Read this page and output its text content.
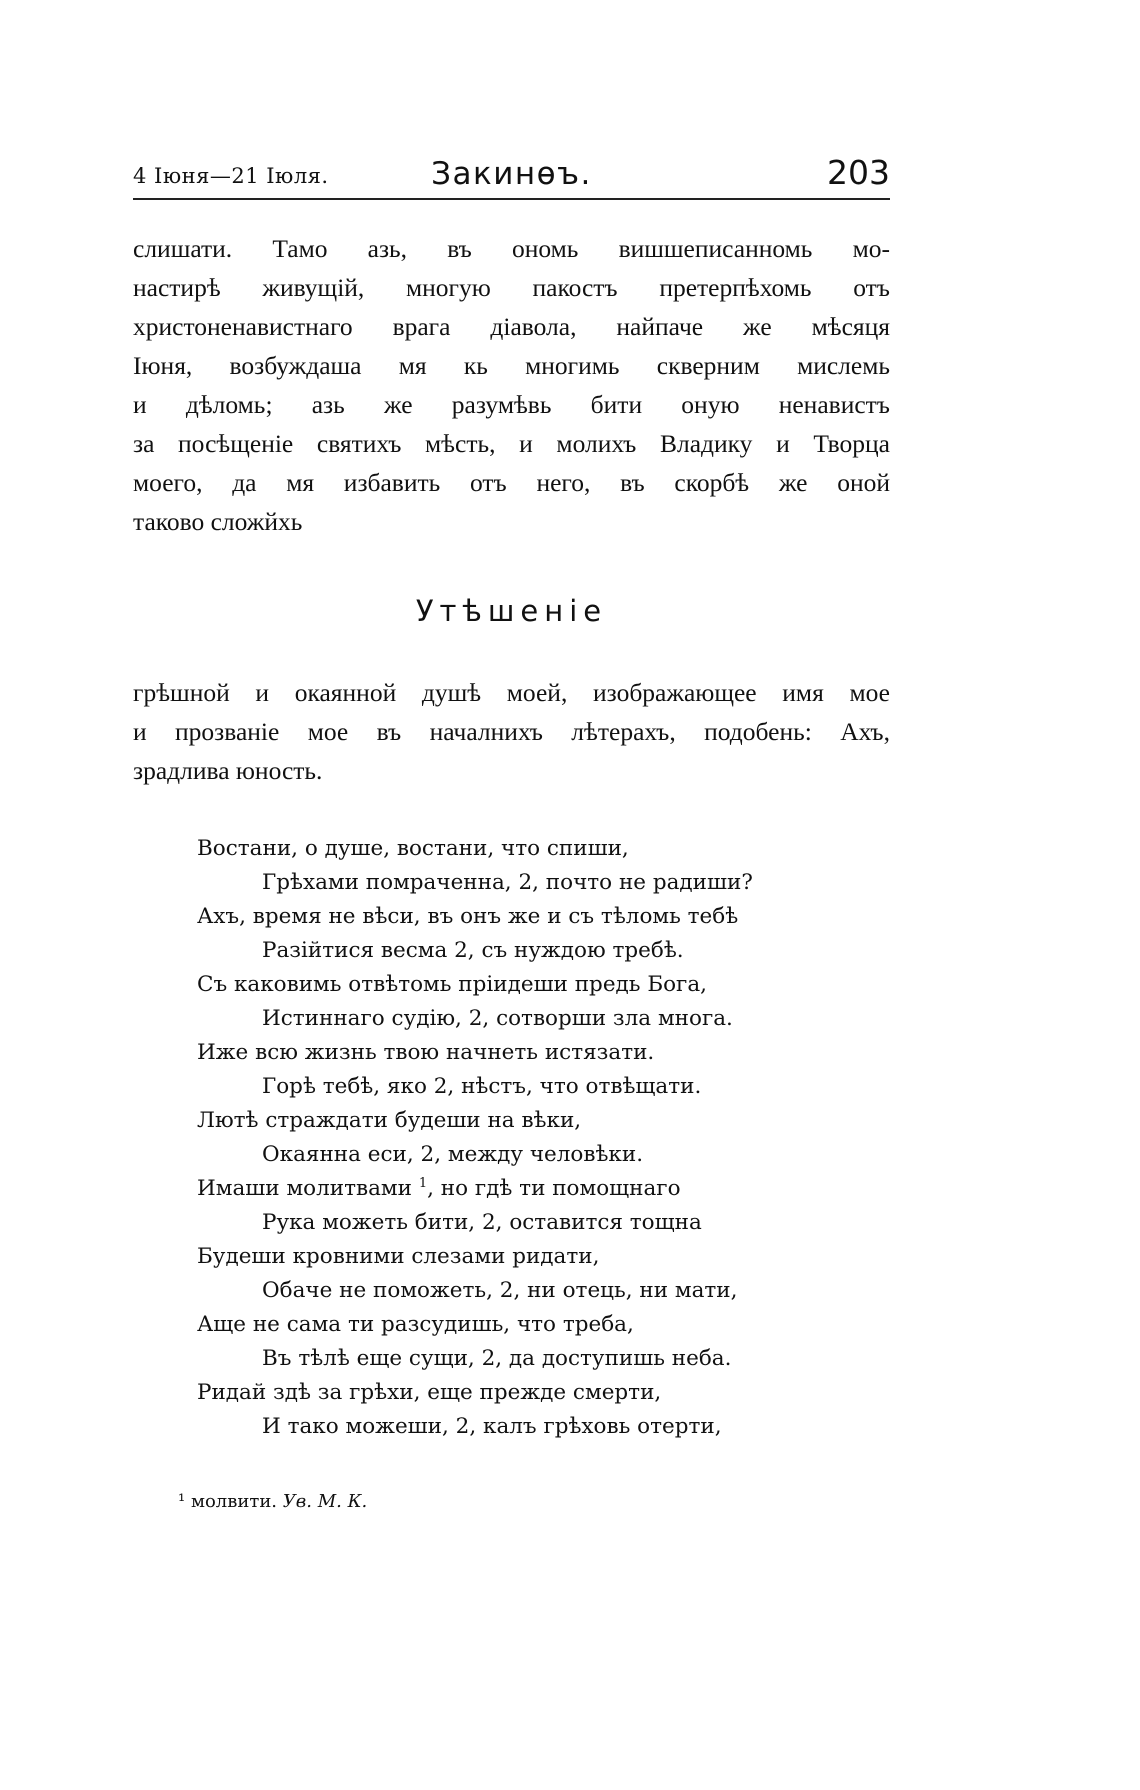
4 Іюня—21 Іюля.	Закинѳъ.	203
слишати. Тамо азь, въ ономь вишшеписанномь мо-
настирѣ живущій, многую пакостъ претерпѣхомь отъ
христоненавистнаго врага діавола, найпаче же мѣсяця
Іюня, возбуждаша мя кь многимь скверним мислемь
и дѣломь; азь же разумѣвь бити оную ненавистъ
за посѣщеніе святихъ мѣсть, и молихъ Владику и Творца
моего, да мя избавить отъ него, въ скорбѣ же оной
таково сложйхь
Утѣшеніе
грѣшной и окаянной душѣ моей, изображающее имя мое
и прозваніе мое въ началнихъ лѣтерахъ, подобень: Ахъ,
зрадлива юность.
Востани, о душе, востани, что спиши,
Грѣхами помраченна, 2, почто не радиши?
Ахъ, время не вѣси, въ онъ же и съ тѣломь тебѣ
Разійтися весма 2, съ нуждою требѣ.
Съ каковимь отвѣтомь пріидеши предь Бога,
Истиннаго судію, 2, сотворши зла многа.
Иже всю жизнь твою начнеть истязати.
Горѣ тебѣ, яко 2, нѣстъ, что отвѣщати.
Лютѣ страждати будеши на вѣки,
Окаянна еси, 2, между человѣки.
Имаши молитвами $^1$, но гдѣ ти помощнаго
Рука можеть бити, 2, оставится тощна
Будеши кровними слезами ридати,
Обаче не поможеть, 2, ни отець, ни мати,
Аще не сама ти разсудишь, что треба,
Въ тѣлѣ еще сущи, 2, да доступишь неба.
Ридай здѣ за грѣхи, еще прежде смерти,
И тако можеши, 2, калъ грѣховь отерти,
¹ молвити. Ув. М. К.
